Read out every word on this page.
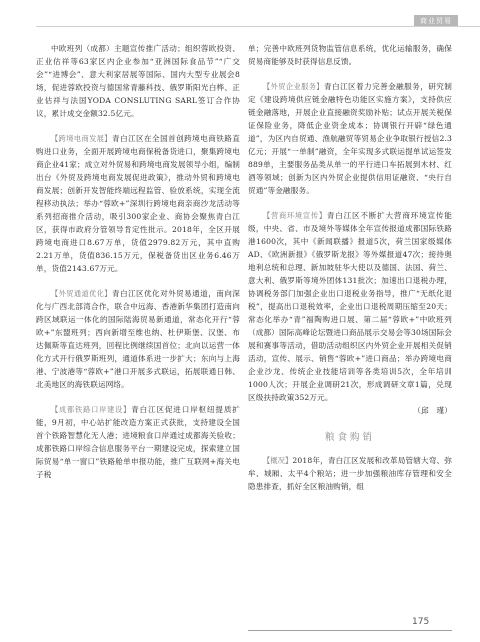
商业贸易

中欧班列（成都）主题宣传推广活动；组织蓉欧投资、正业估祥等63家区内企业参加“亚洲国际食品节”“广交会”“进博会”、意大利家居展等国际、国内大型专业展会8场，促进蓉欧投资与德国常青藤科技、俄罗斯阳光白桦、正业估祥与法国YODA CONSLUTING SARL签订合作协议，累计成交金额32.5亿元。

【跨境电商发展】青白江区在全国首创跨境电商铁路直购进口业务，全面开展跨境电商保税备货进口，聚集跨境电商企业41家；成立对外贸易和跨境电商发展领导小组，编制出台《外贸及跨境电商发展促进政策》，推动外贸和跨境电商发展；创新开发智能终端远程监管、验放系统，实现全流程移动执法；举办“蓉欧+”深圳行跨境电商亲商沙龙活动等系列招商推介活动，吸引300家企业、商协会聚焦青白江区，获得市政府分管领导肯定性批示。2018年，全区开展跨境电商进口8.67万单，货值2979.82万元，其中直购2.21万单，货值836.15万元，保税备货出区业务6.46万单，货值2143.67万元。

【外贸通道优化】青白江区优化对外贸易通道，南向深化与广西北部湾合作，联合中远海、香港新华集团打造南向跨区域联运一体化的国际陆海贸易新通道，常态化开行“蓉欧+”东盟班列；西向新增至维也纳、杜伊斯堡、汉堡、布达佩斯等直达班列，回程比例继续国首位；北向以运营一体化方式开行俄罗斯班列，通道体系进一步扩大；东向与上海港、宁波港等“蓉欧+”港口开展多式联运，拓展联通日韩、北美地区的海铁联运网络。

【成都铁路口岸建设】青白江区促进口岸枢纽提质扩能，9月初，中心站扩能改造方案正式获批，支持建设全国首个铁路智慧化无人港；进境粮食口岸通过成都海关验收；成都铁路口岸综合信息服务平台一期建设完成，探索建立国际贸易“单一窗口”铁路舱单申报功能，推广互联网+海关电子税

单；完善中欧班列货物监管信息系统，优化运输服务，确保贸易商能够及时获得信息反馈。

【外贸企业服务】青白江区着力完善金融服务，研究制定《建设跨境供应链金融特色功能区实施方案》，支持供应链金融落地，开展企业直接融资奖励补贴；试点开展关税保证保险业务，降低企业资金成本；协调银行开辟“绿色通道”，为区内自贸通、渔航融贸等贸易企业争取银行授信2.3亿元；开展“一单制”融资，全年实现多式联运提单试运签发889单，主要服务品类从单一的平行进口车拓展到木材、红酒等领域；创新为区内外贸企业提供信用证融资、“央行自贸通”等金融服务。

【营商环境宣传】青白江区不断扩大营商环境宣传能级，中央、省、市及境外等媒体全年宣传报道成都国际铁路港1600次，其中《新闻联播》报道5次，荷兰国家级媒体AD、《欧洲新报》《俄罗斯龙报》等外媒报道47次；接待奥地利总统和总理、新加坡驻华大使以及德国、法国、荷兰、意大利、俄罗斯等境外团体131批次；加速出口退税办理，协调税务部门加强企业出口退税业务指导，推广“无纸化退税”，提高出口退税效率，企业出口退税周期压缩至20天；常态化举办“青”福陶购进口展、第二届“蓉欧+”中欧班列（成都）国际高峰论坛暨进口商品展示交易会等30场国际会展和赛事等活动，借助活动组织区内外贸企业开展相关促销活动，宣传、展示、销售“蓉欧+”进口商品；举办跨境电商企业沙龙、传统企业技能培训等各类培训5次，全年培训1000人次；开展企业调研21次，形成调研文章1篇，兑现区级扶持政策352万元。

（邱　瑾）
粮食购销

【概况】2018年，青白江区发展和改革局管辖大弯、弥牟、城厢、太平4个粮站；进一步加强粮油库存管理和安全隐患排查，抓好全区粮油购销，组

175
